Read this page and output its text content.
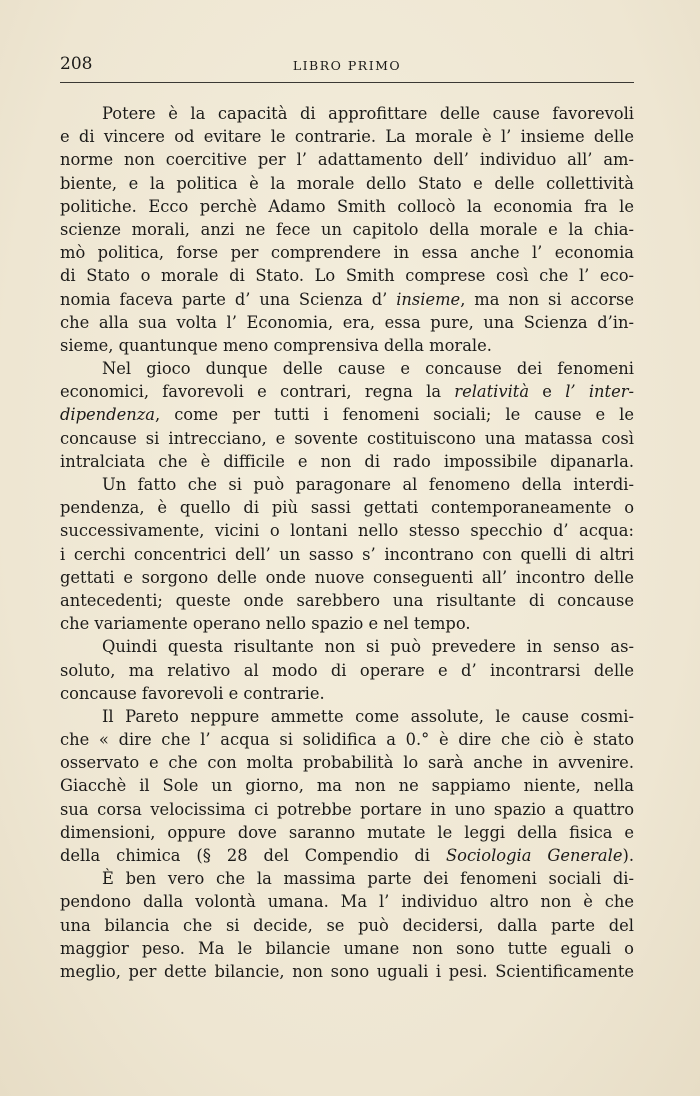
208	LIBRO PRIMO
Potere è la capacità di approfittare delle cause favorevoli
e di vincere od evitare le contrarie. La morale è l’ insieme delle
norme non coercitive per l’ adattamento dell’ individuo all’ am-
biente, e la politica è la morale dello Stato e delle collettività
politiche. Ecco perchè Adamo Smith collocò la economia fra le
scienze morali, anzi ne fece un capitolo della morale e la chia-
mò politica, forse per comprendere in essa anche l’ economia
di Stato o morale di Stato. Lo Smith comprese così che l’ eco-
nomia faceva parte d’ una Scienza d’ insieme, ma non si accorse
che alla sua volta l’ Economia, era, essa pure, una Scienza d’in-
sieme, quantunque meno comprensiva della morale.
Nel gioco dunque delle cause e concause dei fenomeni
economici, favorevoli e contrari, regna la relatività e l’ inter-
dipendenza, come per tutti i fenomeni sociali; le cause e le
concause si intrecciano, e sovente costituiscono una matassa così
intralciata che è difficile e non di rado impossibile dipanarla.
Un fatto che si può paragonare al fenomeno della interdi-
pendenza, è quello di più sassi gettati contemporaneamente o
successivamente, vicini o lontani nello stesso specchio d’ acqua:
i cerchi concentrici dell’ un sasso s’ incontrano con quelli di altri
gettati e sorgono delle onde nuove conseguenti all’ incontro delle
antecedenti; queste onde sarebbero una risultante di concause
che variamente operano nello spazio e nel tempo.
Quindi questa risultante non si può prevedere in senso as-
soluto, ma relativo al modo di operare e d’ incontrarsi delle
concause favorevoli e contrarie.
Il Pareto neppure ammette come assolute, le cause cosmi-
che « dire che l’ acqua si solidifica a 0.° è dire che ciò è stato
osservato e che con molta probabilità lo sarà anche in avvenire.
Giacchè il Sole un giorno, ma non ne sappiamo niente, nella
sua corsa velocissima ci potrebbe portare in uno spazio a quattro
dimensioni, oppure dove saranno mutate le leggi della fisica e
della chimica (§ 28 del Compendio di Sociologia Generale).
È ben vero che la massima parte dei fenomeni sociali di-
pendono dalla volontà umana. Ma l’ individuo altro non è che
una bilancia che si decide, se può decidersi, dalla parte del
maggior peso. Ma le bilancie umane non sono tutte eguali o
meglio, per dette bilancie, non sono uguali i pesi. Scientificamente
